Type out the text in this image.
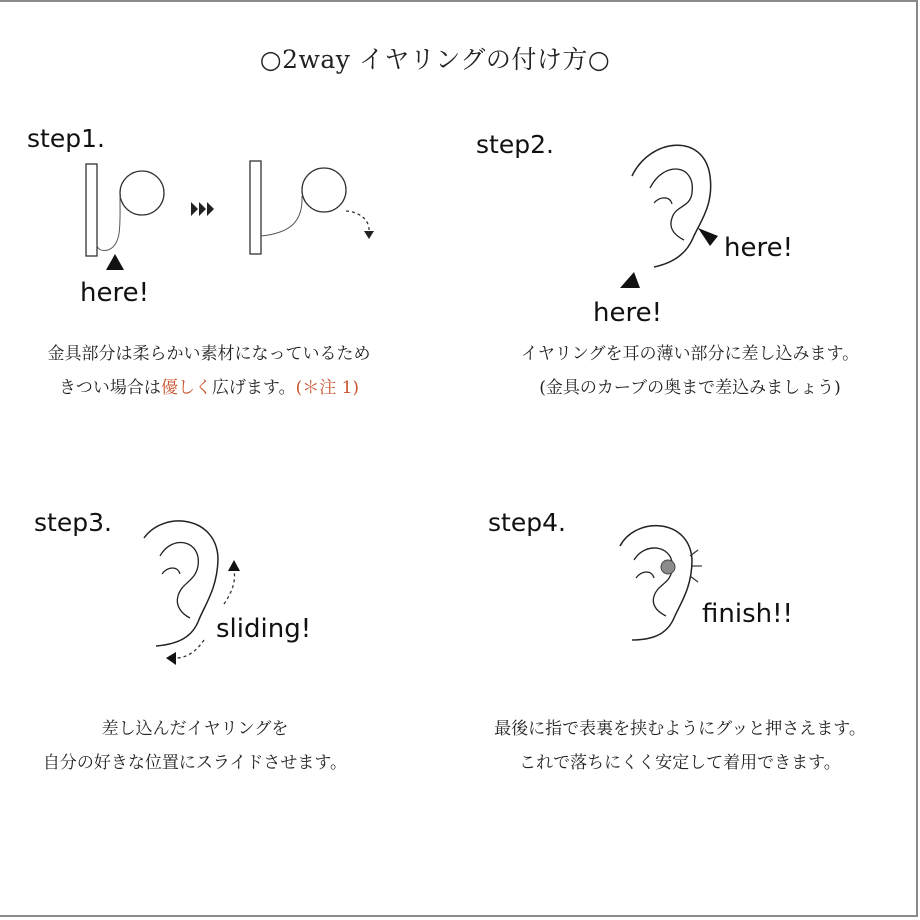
○2way イヤリングの付け方○
step1.
here!
金具部分は柔らかい素材になっているため
きつい場合は優しく広げます。(＊注 1)
step2.
here!
here!
イヤリングを耳の薄い部分に差し込みます。
(金具のカーブの奥まで差込みましょう)
step3.
sliding!
差し込んだイヤリングを
自分の好きな位置にスライドさせます。
step4.
finish!!
最後に指で表裏を挟むようにグッと押さえます。
これで落ちにくく安定して着用できます。
